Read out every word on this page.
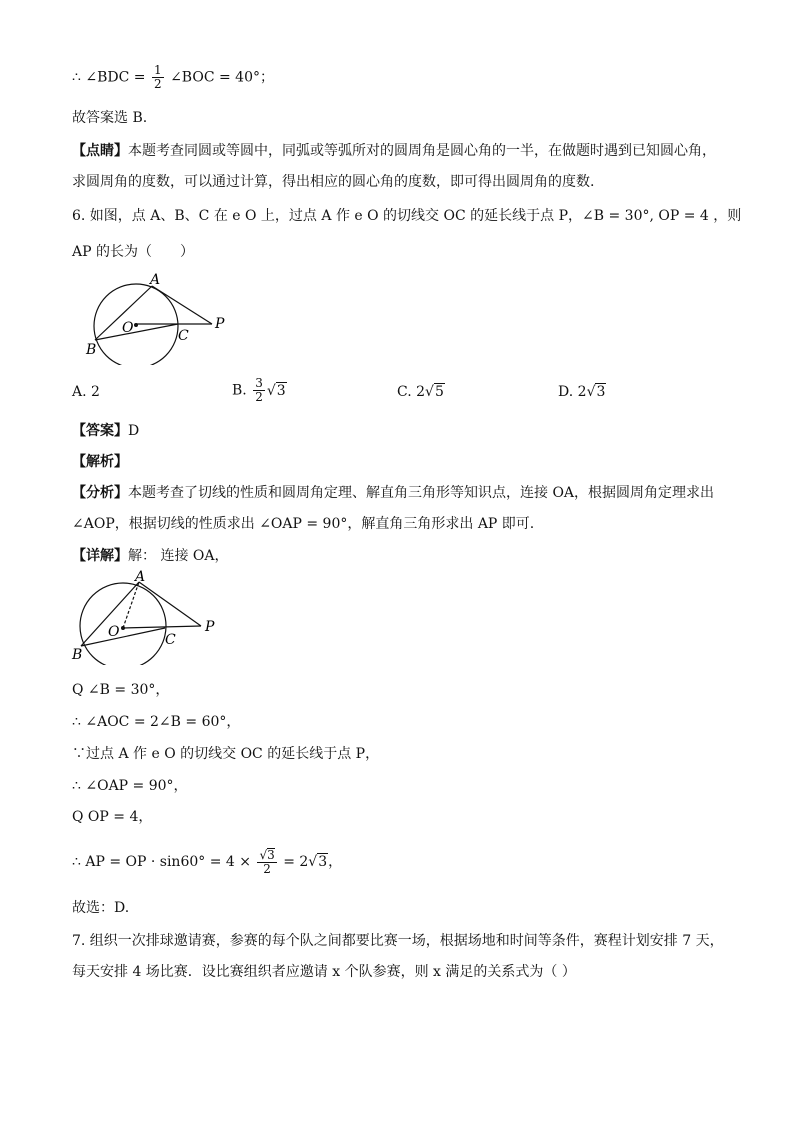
∴ ∠BDC = $\frac{1}{2}$ ∠BOC = 40°；
故答案选 B.
【点睛】本题考查同圆或等圆中，同弧或等弧所对的圆周角是圆心角的一半，在做题时遇到已知圆心角，
求圆周角的度数，可以通过计算，得出相应的圆心角的度数，即可得出圆周角的度数.
6. 如图，点 A、B、C 在 e O 上，过点 A 作 e O 的切线交 OC 的延长线于点 P，∠B = 30°, OP = 4 ，则
AP 的长为（　　）
A
O	C
P
B
A. 2	B. $\frac{3}{2} √3$	C. 2√5	D. 2√3
【答案】D
【解析】
【分析】本题考查了切线的性质和圆周角定理、解直角三角形等知识点，连接 OA，根据圆周角定理求出
∠AOP，根据切线的性质求出 ∠OAP = 90°，解直角三角形求出 AP 即可.
【详解】解： 连接 OA，
A
O	C
P
B
Q ∠B = 30°，
∴ ∠AOC = 2∠B = 60°，
∵过点 A 作 e O 的切线交 OC 的延长线于点 P，
∴ ∠OAP = 90°，
Q OP = 4，
∴ AP = OP · $\sin 60^\circ = 4 \times \frac{√3}{2} = 2√3$，
故选：D.
7. 组织一次排球邀请赛，参赛的每个队之间都要比赛一场，根据场地和时间等条件，赛程计划安排 7 天，
每天安排 4 场比赛．设比赛组织者应邀请 x 个队参赛，则 x 满足的关系式为（ ）
